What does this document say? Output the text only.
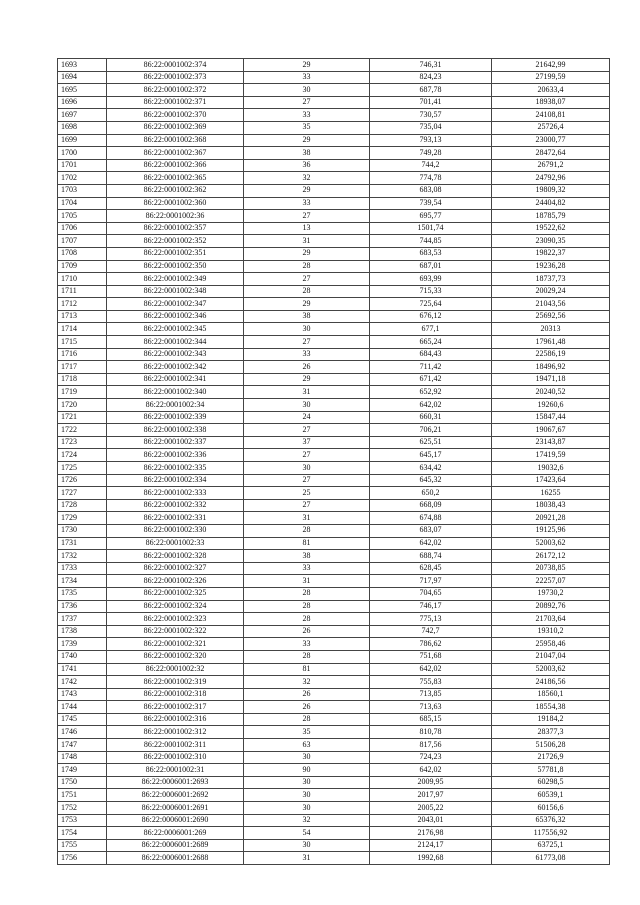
1693	86:22:0001002:374	29	746,31	21642,99
1694	86:22:0001002:373	33	824,23	27199,59
1695	86:22:0001002:372	30	687,78	20633,4
1696	86:22:0001002:371	27	701,41	18938,07
1697	86:22:0001002:370	33	730,57	24108,81
1698	86:22:0001002:369	35	735,04	25726,4
1699	86:22:0001002:368	29	793,13	23000,77
1700	86:22:0001002:367	38	749,28	28472,64
1701	86:22:0001002:366	36	744,2	26791,2
1702	86:22:0001002:365	32	774,78	24792,96
1703	86:22:0001002:362	29	683,08	19809,32
1704	86:22:0001002:360	33	739,54	24404,82
1705	86:22:0001002:36	27	695,77	18785,79
1706	86:22:0001002:357	13	1501,74	19522,62
1707	86:22:0001002:352	31	744,85	23090,35
1708	86:22:0001002:351	29	683,53	19822,37
1709	86:22:0001002:350	28	687,01	19236,28
1710	86:22:0001002:349	27	693,99	18737,73
1711	86:22:0001002:348	28	715,33	20029,24
1712	86:22:0001002:347	29	725,64	21043,56
1713	86:22:0001002:346	38	676,12	25692,56
1714	86:22:0001002:345	30	677,1	20313
1715	86:22:0001002:344	27	665,24	17961,48
1716	86:22:0001002:343	33	684,43	22586,19
1717	86:22:0001002:342	26	711,42	18496,92
1718	86:22:0001002:341	29	671,42	19471,18
1719	86:22:0001002:340	31	652,92	20240,52
1720	86:22:0001002:34	30	642,02	19260,6
1721	86:22:0001002:339	24	660,31	15847,44
1722	86:22:0001002:338	27	706,21	19067,67
1723	86:22:0001002:337	37	625,51	23143,87
1724	86:22:0001002:336	27	645,17	17419,59
1725	86:22:0001002:335	30	634,42	19032,6
1726	86:22:0001002:334	27	645,32	17423,64
1727	86:22:0001002:333	25	650,2	16255
1728	86:22:0001002:332	27	668,09	18038,43
1729	86:22:0001002:331	31	674,88	20921,28
1730	86:22:0001002:330	28	683,07	19125,96
1731	86:22:0001002:33	81	642,02	52003,62
1732	86:22:0001002:328	38	688,74	26172,12
1733	86:22:0001002:327	33	628,45	20738,85
1734	86:22:0001002:326	31	717,97	22257,07
1735	86:22:0001002:325	28	704,65	19730,2
1736	86:22:0001002:324	28	746,17	20892,76
1737	86:22:0001002:323	28	775,13	21703,64
1738	86:22:0001002:322	26	742,7	19310,2
1739	86:22:0001002:321	33	786,62	25958,46
1740	86:22:0001002:320	28	751,68	21047,04
1741	86:22:0001002:32	81	642,02	52003,62
1742	86:22:0001002:319	32	755,83	24186,56
1743	86:22:0001002:318	26	713,85	18560,1
1744	86:22:0001002:317	26	713,63	18554,38
1745	86:22:0001002:316	28	685,15	19184,2
1746	86:22:0001002:312	35	810,78	28377,3
1747	86:22:0001002:311	63	817,56	51506,28
1748	86:22:0001002:310	30	724,23	21726,9
1749	86:22:0001002:31	90	642,02	57781,8
1750	86:22:0006001:2693	30	2009,95	60298,5
1751	86:22:0006001:2692	30	2017,97	60539,1
1752	86:22:0006001:2691	30	2005,22	60156,6
1753	86:22:0006001:2690	32	2043,01	65376,32
1754	86:22:0006001:269	54	2176,98	117556,92
1755	86:22:0006001:2689	30	2124,17	63725,1
1756	86:22:0006001:2688	31	1992,68	61773,08
